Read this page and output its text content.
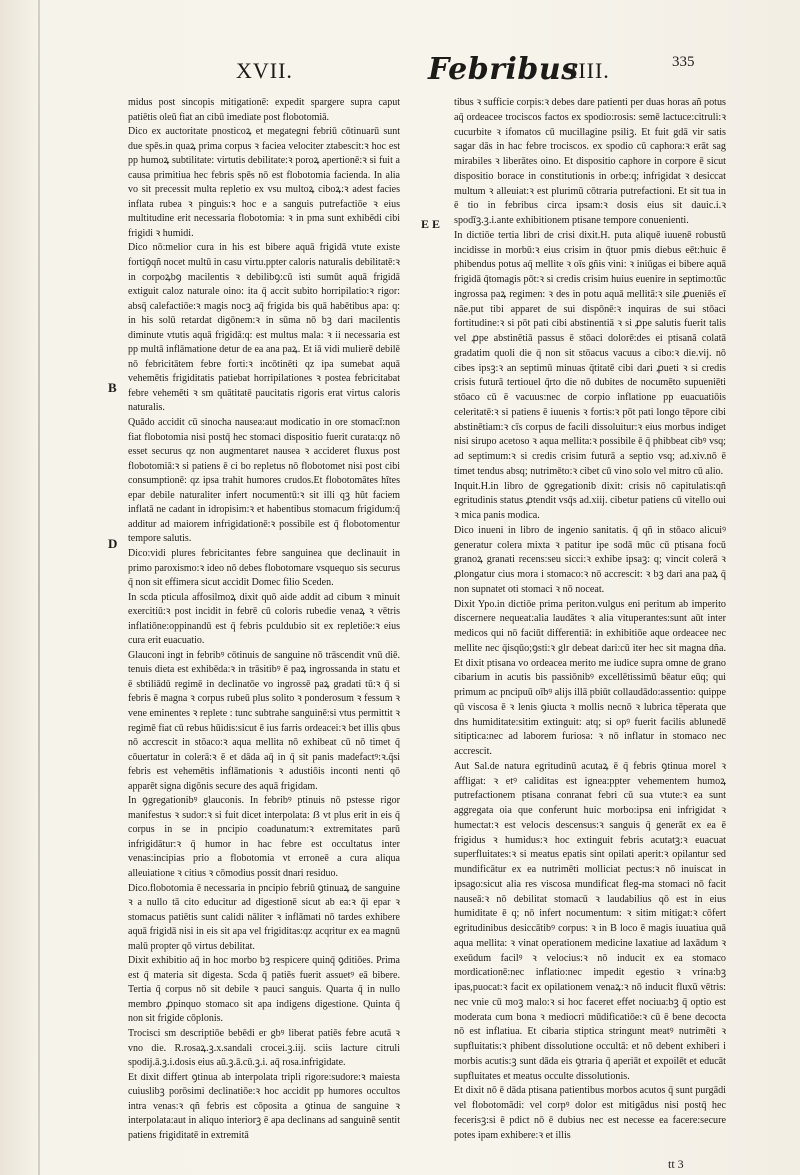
XVII.	Febribus
IIII.	335
B
D
E E

midus post sincopis mitigationē: expedit spargere supra caput patiētis oleū fiat an cibū imediate post flobotomiā.

Dico ex auctoritate pnosticoꝝ et megategni febriū cōtinuarū sunt due spēs.in quaꝝ prima corpus ꝛ faciea velociter ztabescit:ꝛ hoc est pp humoꝝ subtilitate: virtutis debilitate:ꝛ poroꝝ apertionē:ꝛ si fuit a causa primitiua hec febris spēs nō est flobotomia facienda. In alia vo sit precessit multa repletio ex vsu multoꝝ ciboꝝ:ꝛ adest facies inflata rubea ꝛ pinguis:ꝛ hoc e a sanguis putrefactiōe ꝛ eius multitudine erit necessaria flobotomia: ꝛ in pma sunt exhibēdi cibi frigidi ꝛ humidi.

Dico nō:melior cura in his est bibere aquā frigidā vtute existe fortiꝯqñ nocet multū in casu virtu.ppter caloris naturalis debilitatē:ꝛ in corpoꝝbꝯ macilentis ꝛ debilibꝯ:cū isti sumūt aquā frigidā extiguit caloz naturale oino: ita q̄ accit subito horripilatio:ꝛ rigor: absq̄ calefactiōe:ꝛ magis nocꝫ aq̄ frigida bis quā habētibus apa: q: in his solū retardat digōnem:ꝛ in sūma nō bꝫ dari macilentis diminute vtutis aquā frigidā:q: est multus mala: ꝛ ii necessaria est pp multā inflāmatione detur de ea ana paꝝ. Et iā vidi mulierē debilē nō febricitātem febre forti:ꝛ incōtinēti qz ipa sumebat aquā vehemētis frigiditatis patiebat horripilationes ꝛ postea febricitabat febre vehemēti ꝛ sm quātitatē paucitatis rigoris erat virtus caloris naturalis.

Quādo accidit cū sinocha nausea:aut modicatio in ore stomacī:non fiat flobotomia nisi postq̄ hec stomaci dispositio fuerit curata:qz nō esset securus qz non augmentaret nausea ꝛ accideret fluxus post flobotomiā:ꝛ si patiens ē ci bo repletus nō flobotomet nisi post cibi consumptionē: qz ipsa trahit humores crudos.Et flobotomātes hītes epar debile naturaliter infert nocumentū:ꝛ sit illi qꝫ hūt faciem inflatā ne cadant in idropisim:ꝛ et habentibus stomacum frigidum:q̄ additur ad maiorem infrigidationē:ꝛ possibile est q̄ flobotomentur tempore salutis.

Dico:vidi plures febricitantes febre sanguinea que declinauit in primo paroxismo:ꝛ ideo nō debes flobotomare vsquequo sis securus q̄ non sit effimera sicut accidit Domec filio Sceden.

In scda pticula affosilmoꝝ dixit quō aide addit ad cibum ꝛ minuit exercitiū:ꝛ post incidit in febrē cū coloris rubedie venaꝝ ꝛ vētris inflatiōne:oppinandū est q̄ febris pculdubio sit ex repletiōe:ꝛ eius cura erit euacuatio.

Glauconi ingt in febribꝰ cōtinuis de sanguine nō trāscendit vnū diē. tenuis dieta est exhibēda:ꝛ in trāsitibꝰ ē paꝝ ingrossanda in statu et ē sbtiliādū regimē in declinatōe vo ingrossē paꝝ gradati tū:ꝛ q̄ si febris ē magna ꝛ corpus rubeū plus solito ꝛ ponderosum ꝛ fessum ꝛ vene eminentes ꝛ replete : tunc subtrahe sanguinē:si vtus permittit ꝛ regimē fiat cū rebus hūidis:sicut ē ius farris ordeacei:ꝛ bet illis qbus nō accrescit in stōaco:ꝛ aqua mellita nō exhibeat cū nō timet q̄ cōuertatur in colerā:ꝛ ē et dāda aq̄ in q̄ sit panis madefactꝰ:ꝛ.q̄si febris est vehemētis inflāmationis ꝛ adustiōis inconti nenti qō apparēt signa digōnis secure des aquā frigidam.

In ꝯgregationibꝰ glauconis. In febribꝰ ptinuis nō pstesse rigor manifestus ꝛ sudor:ꝛ si fuit dicet interpolata: ẞ vt plus erit in eis q̄ corpus in se in pncipio coadunatum:ꝛ extremitates parū infrigidātur:ꝛ q̄ humor in hac febre est occultatus inter venas:incipias prio a flobotomia vt erroneē a cura aliqua alleuiatione ꝛ citius ꝛ cōmodius possit dnari residuo.

Dico.flobotomia ē necessaria in pncipio febriū ꝯtinuaꝝ de sanguine ꝛ a nullo tā cito educitur ad digestionē sicut ab ea:ꝛ q̄i epar ꝛ stomacus patiētis sunt calidi nāliter ꝛ inflāmati nō tardes exhibere aquā frigidā nisi in eis sit apa vel frigiditas:qz acqritur ex ea magnū malū propter qō virtus debilitat.

Dixit exhibitio aq̄ in hoc morbo bꝫ respicere quinq̄ ꝯditiōes. Prima est q̄ materia sit digesta. Scda q̄ patiēs fuerit assuetꝰ eā bibere. Tertia q̄ corpus nō sit debile ꝛ pauci sanguis. Quarta q̄ in nullo membro ꝓpinquo stomaco sit apa indigens digestione. Quinta q̄ non sit frigide cōplonis.

Trocisci sm descriptiōe bebēdi er gbꝰ liberat patiēs febre acutā ꝛ vno die. R.rosaꝝ.ꝫ.x.sandali crocei.ꝫ.iij. sciis lacture citruli spodij.ā.ꝫ.i.dosis eius aū.ꝫ.ā.cū.ꝫ.i. aq̄ rosa.infrigidate.

Et dixit differt ꝯtinua ab interpolata tripli rigore:sudore:ꝛ maiesta cuiuslibꝫ porōsimi declinatiōe:ꝛ hoc accidit pp humores occultos intra venas:ꝛ qñ febris est cōposita a ꝯtinua de sanguine ꝛ interpolata:aut in aliquo interiorꝫ ē apa declinans ad sanguinē sentit patiens frigiditatē in extremitā

tibus ꝛ sufficie corpis:ꝛ debes dare patienti per duas horas añ potus aq̄ ordeacee trociscos factos ex spodio:rosis: semē lactuce:citruli:ꝛ cucurbite ꝛ ifomatos cū mucillagine psiliꝫ. Et fuit gdā vir satis sagar dās in hac febre trociscos. ex spodio cū caphora:ꝛ erāt sag mirabiles ꝛ liberātes oino. Et dispositio caphore in corpore ē sicut dispositio borace in constitutionis in orbe:q; infrigidat ꝛ desiccat multum ꝛ alleuiat:ꝛ est plurimū cōtraria putrefactioni. Et sit tua in ē tio in febribus circa ipsam:ꝛ dosis eius sit dauic.i.ꝛ spodīꝫ.ꝫ.i.ante exhibitionem ptisane tempore conuenienti.

In dictiōe tertia libri de crisi dixit.H. puta aliquē iuuenē robustū incidisse in morbū:ꝛ eius crisim in q̄tuor pmis diebus eēt:huic ē phibendus potus aq̄ mellite ꝛ oīs gñis vini: ꝛ iniūgas ei bibere aquā frigidā q̄tomagis pōt:ꝛ si credis crisim huius euenire in septimo:tūc ingrossa paꝝ regimen: ꝛ des in potu aquā mellitā:ꝛ sile ꝓueniēs eī nāe.put tibi apparet de sui dispōnē:ꝛ inquiras de sui stōaci fortitudine:ꝛ si pōt pati cibi abstinentiā ꝛ si ꝓpe salutis fuerit talis vel ꝓpe abstinētiā passus ē stōaci dolorē:des ei ptisanā colatā gradatim quoli die q̄ non sit stōacus vacuus a cibo:ꝛ die.vij. nō cibes ipsꝫ:ꝛ an septimū minuas q̄titatē cibi dari ꝓueti ꝛ si credis crisis futurā tertiouel q̄rto die nō dubites de nocumēto supueniēti stōaco cū ē vacuus:nec de corpio inflatione pp euacuatiōis celeritatē:ꝛ si patiens ē iuuenis ꝛ fortis:ꝛ pōt pati longo tēpore cibi abstinētiam:ꝛ cīs corpus de facili dissoluitur:ꝛ eius morbus indiget nisi sirupo acetoso ꝛ aqua mellita:ꝛ possibile ē q̄ phibbeat cibꝰ vsq; ad septimum:ꝛ si credis crisim futurā a septio vsq; ad.xiv.nō ē timet tendus absq; nutrimēto:ꝛ cibet cū vino solo vel mitro cū alio.

Inquit.H.in libro de ꝯgregationib dixit: crisis nō capitulatis:qñ egritudinis status ꝓtendit vsq̄s ad.xiij. cibetur patiens cū vitello oui ꝛ mica panis modica.

Dico inueni in libro de ingenio sanitatis. q̄ qñ in stōaco alicuiꝰ generatur colera mixta ꝛ patitur ipe sodā mūc cū ptisana focū granoꝝ granati recens:seu sicci:ꝛ exhibe ipsaꝫ: q; vincit colerā ꝛ ꝓlongatur cius mora i stomaco:ꝛ nō accrescit: ꝛ bꝫ dari ana paꝝ q̄ non supnatet oti stomaci ꝛ nō noceat.

Dixit Ypo.in dictiōe prima periton.vulgus eni peritum ab imperito discernere nequeat:alia laudātes ꝛ alia vituperantes:sunt aūt inter medicos qui nō faciūt differentiā: in exhibitiōe aque ordeacee nec mellite nec q̄isqūo;ꝯsti:ꝛ glr debeat dari:cū iter hec sit magna dña. Et dixit ptisana vo ordeacea merito me iudice supra omne de grano cibarium in acutis bis passiōnibꝰ excellētissimū bēatur eūq; qui primum ac pncipuū oībꝰ alijs illā pbiūt collaudādo:assentio: quippe qū viscosa ē ꝛ lenis ꝯiucta ꝛ mollis necnō ꝛ lubrica tēperata que dns humiditate:sitim extinguit: atq; si opꝰ fuerit facilis ablunedē sitiptica:nec ad laborem furiosa: ꝛ nō inflatur in stomaco nec accrescit.

Aut Sal.de natura egritudinū acutaꝝ ē q̄ febris ꝯtinua morel ꝛ affligat: ꝛ etꝰ caliditas est ignea:ppter vehementem humoꝝ putrefactionem ptisana conranat febri cū sua vtute:ꝛ ea sunt aggregata oia que conferunt huic morbo:ipsa eni infrigidat ꝛ humectat:ꝛ est velocis descensus:ꝛ sanguis q̄ generāt ex ea ē frigidus ꝛ humidus:ꝛ hoc extinguit febris acutatꝫ:ꝛ euacuat superfluitates:ꝛ si meatus epatis sint opilati aperit:ꝛ opilantur sed mundificātur ex ea nutrimēti molliciat pectus:ꝛ nō inuiscat in ipsago:sicut alia res viscosa mundificat fleg-ma stomaci nō facit nauseā:ꝛ nō debilitat stomacū ꝛ laudabilius qō est in eius humiditate ē q; nō infert nocumentum: ꝛ sitim mitigat:ꝛ cōfert egritudinibus desiccātibꝰ corpus: ꝛ in B loco ē magis iuuatiua quā aqua mellita: ꝛ vinat operationem medicine laxatiue ad laxādum ꝛ exeūdum facilꝰ ꝛ velocius:ꝛ nō inducit ex ea stomaco mordicationē:nec inflatio:nec impedit egestio ꝛ vrina:bꝫ ipas,puocat:ꝛ facit ex opilationem venaꝝ:ꝛ nō inducit fluxū vētris: nec vnie cū moꝫ malo:ꝛ si hoc faceret effet nociua:bꝫ q̄ optio est moderata cum bona ꝛ mediocri mūdificatiōe:ꝛ cū ē bene decocta nō est inflatiua. Et cibaria stiptica stringunt meatꝰ nutrimēti ꝛ supfluitatis:ꝛ phibent dissolutione occultā: et nō debent exhiberi i morbis acutis:ꝫ sunt dāda eis ꝯtraria q̄ aperiāt et expoilēt et educāt supfluitates et meatus occulte dissolutionis.

Et dixit nō ē dāda ptisana patientibus morbos acutos q̄ sunt purgādi vel flobotomādi: vel corpꝰ dolor est mitigādus nisi postq̄ hec fecerisꝫ:si ē pdict nō ē dubius nec est necesse ea facere:secure potes ipam exhibere:ꝛ et illis

tt 3
